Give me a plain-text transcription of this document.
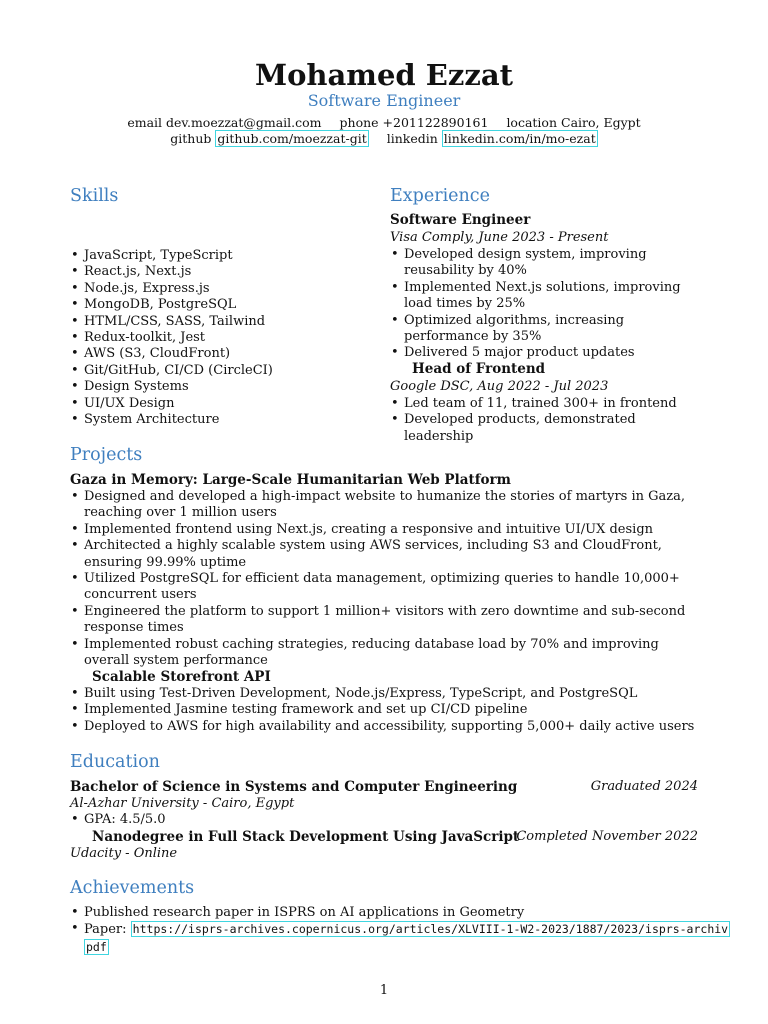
Mohamed Ezzat
Software Engineer
email dev.moezzat@gmail.com phone +201122890161 location Cairo, Egypt
github github.com/moezzat-git linkedin linkedin.com/in/mo-ezat
Skills
• JavaScript, TypeScript
• React.js, Next.js
• Node.js, Express.js
• MongoDB, PostgreSQL
• HTML/CSS, SASS, Tailwind
• Redux-toolkit, Jest
• AWS (S3, CloudFront)
• Git/GitHub, CI/CD (CircleCI)
• Design Systems
• UI/UX Design
• System Architecture
Experience
Software Engineer
Visa Comply, June 2023 - Present
• Developed design system, improving reusability by 40%
• Implemented Next.js solutions, improving load times by 25%
• Optimized algorithms, increasing performance by 35%
• Delivered 5 major product updates
Head of Frontend
Google DSC, Aug 2022 - Jul 2023
• Led team of 11, trained 300+ in frontend
• Developed products, demonstrated leadership
Projects
Gaza in Memory: Large-Scale Humanitarian Web Platform
• Designed and developed a high-impact website to humanize the stories of martyrs in Gaza, reaching over 1 million users
• Implemented frontend using Next.js, creating a responsive and intuitive UI/UX design
• Architected a highly scalable system using AWS services, including S3 and CloudFront, ensuring 99.99% uptime
• Utilized PostgreSQL for efficient data management, optimizing queries to handle 10,000+ concurrent users
• Engineered the platform to support 1 million+ visitors with zero downtime and sub-second response times
• Implemented robust caching strategies, reducing database load by 70% and improving overall system performance
Scalable Storefront API
• Built using Test-Driven Development, Node.js/Express, TypeScript, and PostgreSQL
• Implemented Jasmine testing framework and set up CI/CD pipeline
• Deployed to AWS for high availability and accessibility, supporting 5,000+ daily active users
Education
Bachelor of Science in Systems and Computer Engineering	Graduated 2024
Al-Azhar University - Cairo, Egypt
• GPA: 4.5/5.0
Nanodegree in Full Stack Development Using JavaScript
Completed November 2022
Udacity - Online
Achievements
• Published research paper in ISPRS on AI applications in Geometry
• Paper: https://isprs-archives.copernicus.org/articles/XLVIII-1-W2-2023/1887/2023/isprs-archiv
pdf
1
